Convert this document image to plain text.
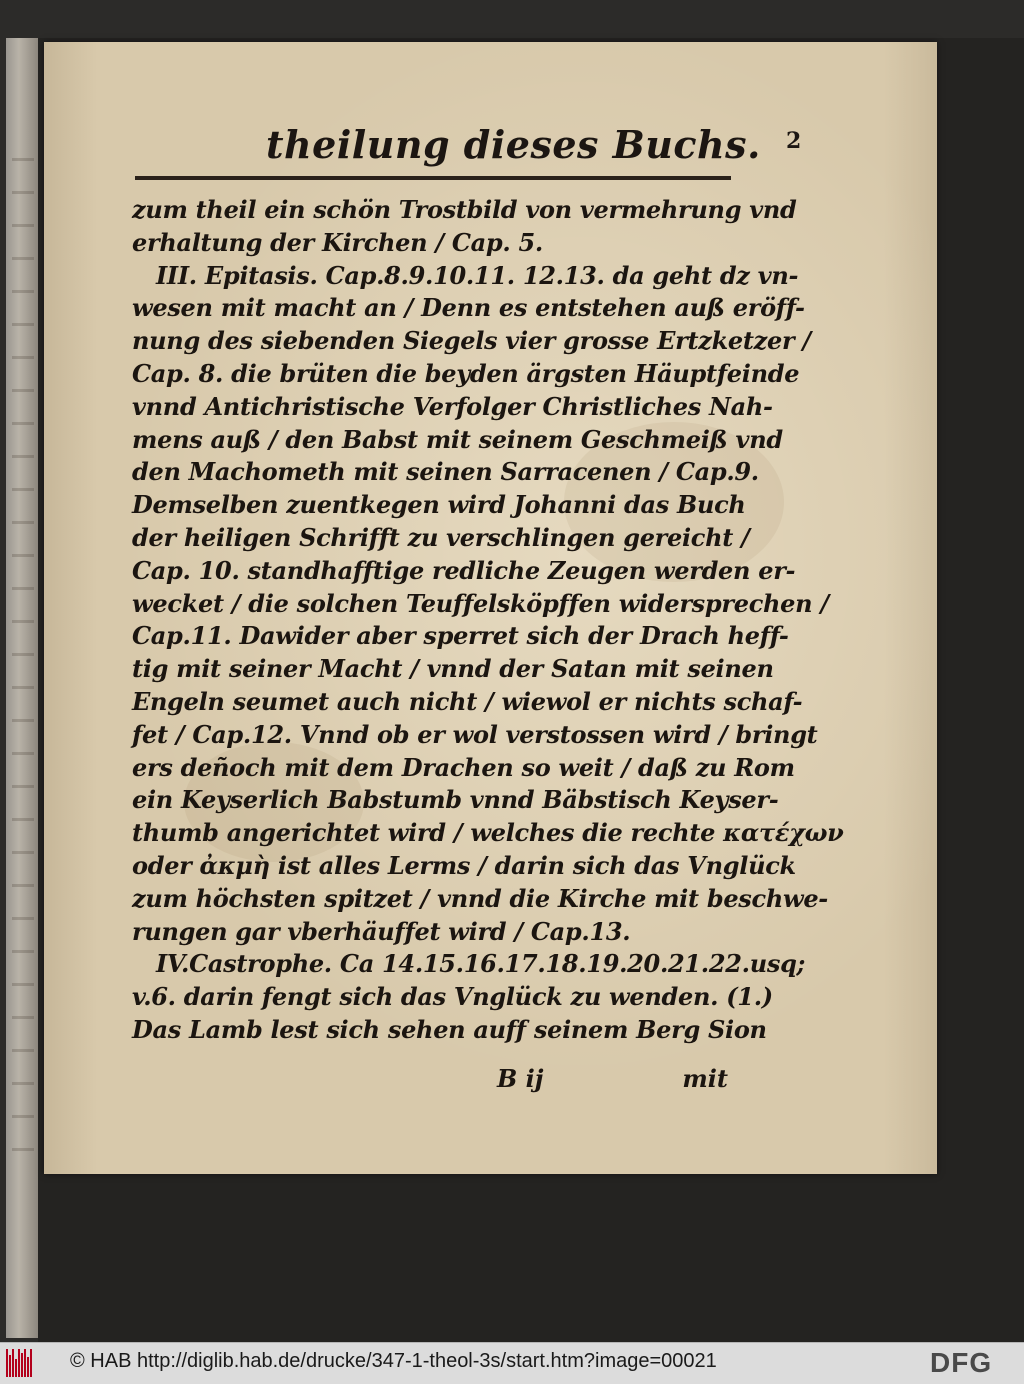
theilung dieses Buchs. 2
zum theil ein schön Trostbild von vermehrung vnd
erhaltung der Kirchen / Cap. 5.
III. Epitasis. Cap.8.9.10.11. 12.13. da geht dz vn-
wesen mit macht an / Denn es entstehen auß eröff-
nung des siebenden Siegels vier grosse Ertzketzer /
Cap. 8. die brüten die beyden ärgsten Häuptfeinde
vnnd Antichristische Verfolger Christliches Nah-
mens auß / den Babst mit seinem Geschmeiß vnd
den Machometh mit seinen Sarracenen / Cap.9.
Demselben zuentkegen wird Johanni das Buch
der heiligen Schrifft zu verschlingen gereicht /
Cap. 10. standhafftige redliche Zeugen werden er-
wecket / die solchen Teuffelsköpffen widersprechen /
Cap.11. Dawider aber sperret sich der Drach heff-
tig mit seiner Macht / vnnd der Satan mit seinen
Engeln seumet auch nicht / wiewol er nichts schaf-
fet / Cap.12. Vnnd ob er wol verstossen wird / bringt
ers deñoch mit dem Drachen so weit / daß zu Rom
ein Keyserlich Babstumb vnnd Bäbstisch Keyser-
thumb angerichtet wird / welches die rechte κατέχων
oder ἀκμὴ ist alles Lerms / darin sich das Vnglück
zum höchsten spitzet / vnnd die Kirche mit beschwe-
rungen gar vberhäuffet wird / Cap.13.
IV.Castrophe. Ca 14.15.16.17.18.19.20.21.22.usq;
v.6. darin fengt sich das Vnglück zu wenden. (1.)
Das Lamb lest sich sehen auff seinem Berg Sion
B ij	mit
© HAB http://diglib.hab.de/drucke/347-1-theol-3s/start.htm?image=00021	DFG
